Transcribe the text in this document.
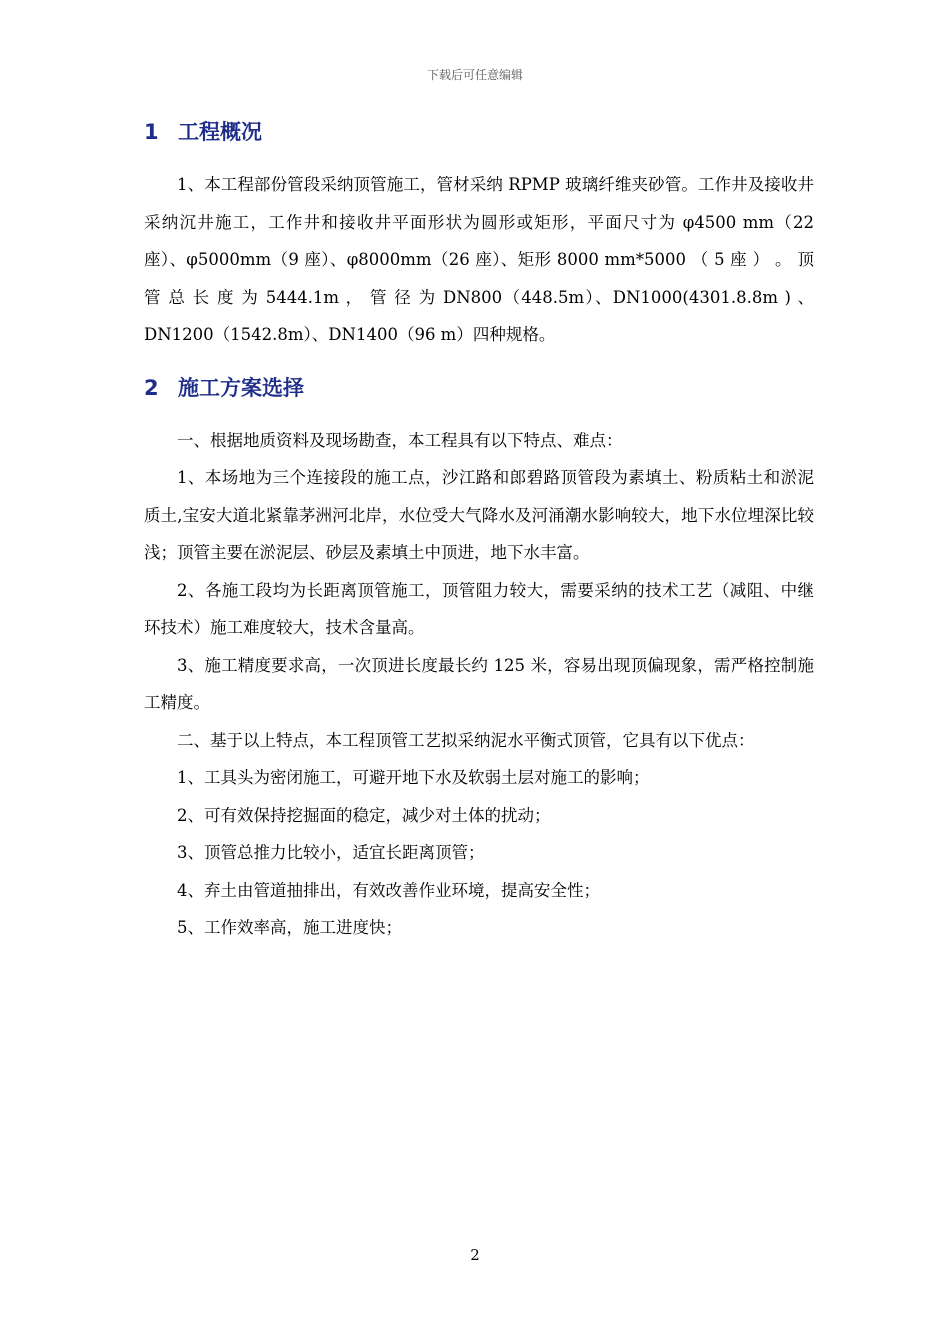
下载后可任意编辑
1 工程概况

1、本工程部份管段采纳顶管施工，管材采纳 RPMP 玻璃纤维夹砂管。工作井及接收井采纳沉井施工，工作井和接收井平面形状为圆形或矩形，平面尺寸为 φ4500 mm（22 座）、φ5000mm（9 座）、φ8000mm（26 座）、矩形 8000 mm*5000 （ 5 座 ） 。 顶 管 总 长 度 为 5444.1m ， 管 径 为 DN800（448.5m）、DN1000(4301.8.8m ) 、DN1200（1542.8m）、DN1400（96 m）四种规格。

2 施工方案选择

一、根据地质资料及现场勘查，本工程具有以下特点、难点：

1、本场地为三个连接段的施工点，沙江路和郎碧路顶管段为素填土、粉质粘土和淤泥质土,宝安大道北紧靠茅洲河北岸，水位受大气降水及河涌潮水影响较大，地下水位埋深比较浅；顶管主要在淤泥层、砂层及素填土中顶进，地下水丰富。

2、各施工段均为长距离顶管施工，顶管阻力较大，需要采纳的技术工艺（减阻、中继环技术）施工难度较大，技术含量高。

3、施工精度要求高，一次顶进长度最长约 125 米，容易出现顶偏现象，需严格控制施工精度。

二、基于以上特点，本工程顶管工艺拟采纳泥水平衡式顶管，它具有以下优点：

1、工具头为密闭施工，可避开地下水及软弱土层对施工的影响；

2、可有效保持挖掘面的稳定，减少对土体的扰动；

3、顶管总推力比较小，适宜长距离顶管；

4、弃土由管道抽排出，有效改善作业环境，提高安全性；

5、工作效率高，施工进度快；

2
